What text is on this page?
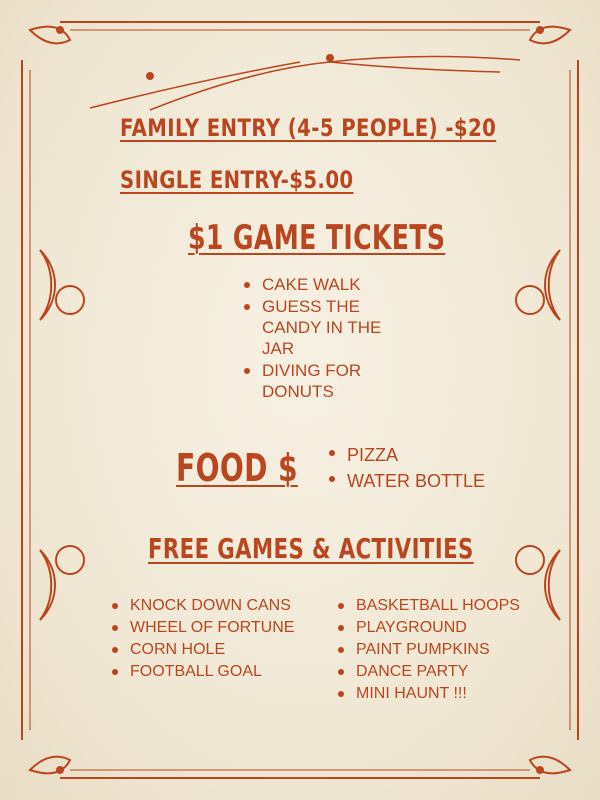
FAMILY ENTRY (4-5 PEOPLE) -$20
SINGLE ENTRY-$5.00
$1 GAME TICKETS
CAKE WALK
GUESS THE CANDY IN THE JAR
DIVING FOR DONUTS
FOOD $	PIZZA
WATER BOTTLE
FREE GAMES & ACTIVITIES
KNOCK DOWN CANS
WHEEL OF FORTUNE
CORN HOLE
FOOTBALL GOAL
BASKETBALL HOOPS
PLAYGROUND
PAINT PUMPKINS
DANCE PARTY
MINI HAUNT !!!
